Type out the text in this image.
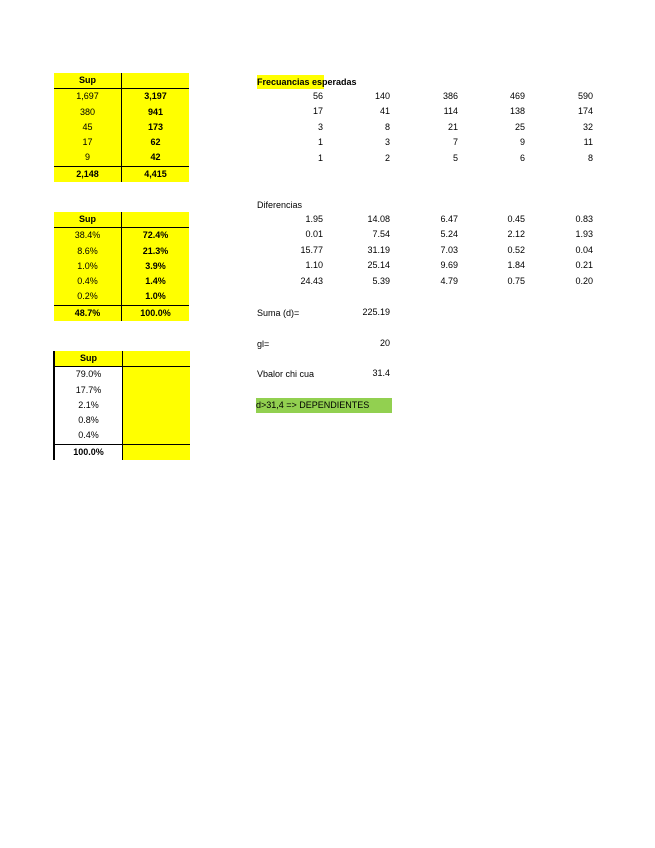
Sup	
1,697	3,197
380	941
45	173
17	62
9	42
2,148	4,415
Sup	
38.4%	72.4%
8.6%	21.3%
1.0%	3.9%
0.4%	1.4%
0.2%	1.0%
48.7%	100.0%
Sup	
79.0%	
17.7%	
2.1%	
0.8%	
0.4%	
100.0%	
Frecuancias esperadas
56	140	386	469	590
17	41	114	138	174
3	8	21	25	32
1	3	7	9	11
1	2	5	6	8
Diferencias
1.95	14.08	6.47	0.45	0.83
0.01	7.54	5.24	2.12	1.93
15.77	31.19	7.03	0.52	0.04
1.10	25.14	9.69	1.84	0.21
24.43	5.39	4.79	0.75	0.20
Suma (d)=	225.19
gl=	20
Vbalor chi cua	31.4
d>31,4 => DEPENDIENTES
